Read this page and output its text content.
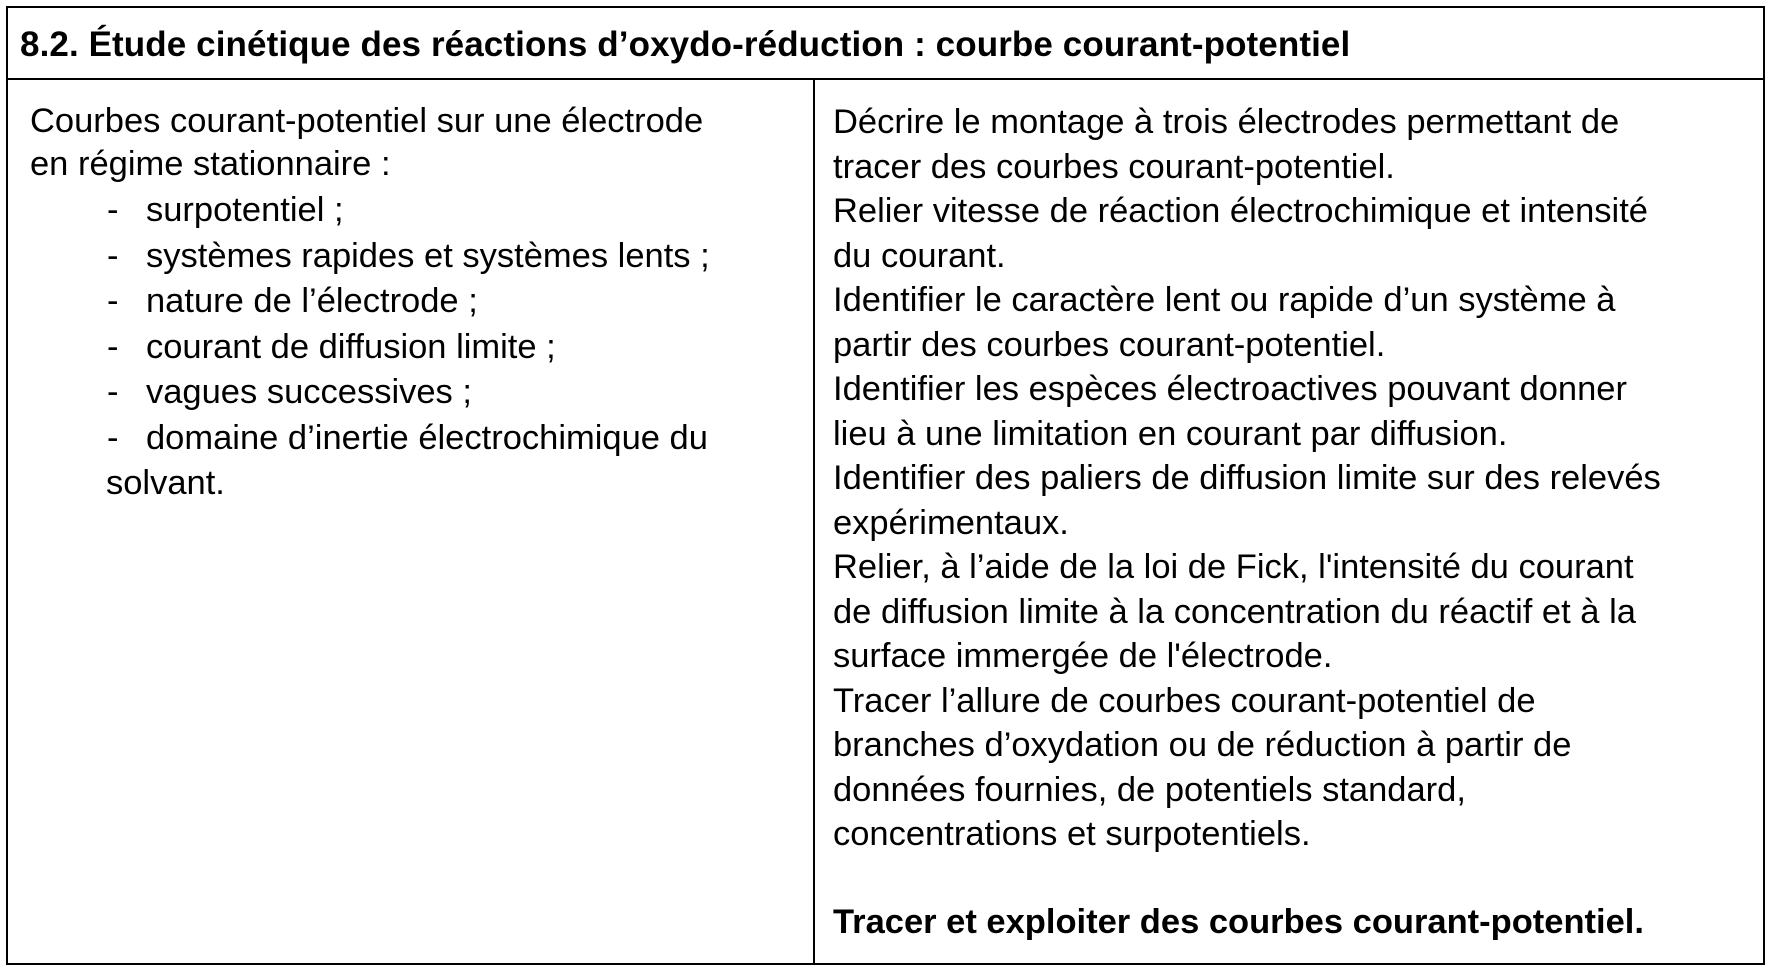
8.2. Étude cinétique des réactions d’oxydo-réduction : courbe courant-potentiel
Courbes courant-potentiel sur une électrode
en régime stationnaire :
- surpotentiel ;
- systèmes rapides et systèmes lents ;
- nature de l’électrode ;
- courant de diffusion limite ;
- vagues successives ;
- domaine d’inertie électrochimique du
solvant.

Décrire le montage à trois électrodes permettant de

tracer des courbes courant-potentiel.

Relier vitesse de réaction électrochimique et intensité

du courant.

Identifier le caractère lent ou rapide d’un système à

partir des courbes courant-potentiel.

Identifier les espèces électroactives pouvant donner

lieu à une limitation en courant par diffusion.

Identifier des paliers de diffusion limite sur des relevés

expérimentaux.

Relier, à l’aide de la loi de Fick, l'intensité du courant

de diffusion limite à la concentration du réactif et à la

surface immergée de l'électrode.

Tracer l’allure de courbes courant-potentiel de

branches d’oxydation ou de réduction à partir de

données fournies, de potentiels standard,

concentrations et surpotentiels.

Tracer et exploiter des courbes courant-potentiel.
